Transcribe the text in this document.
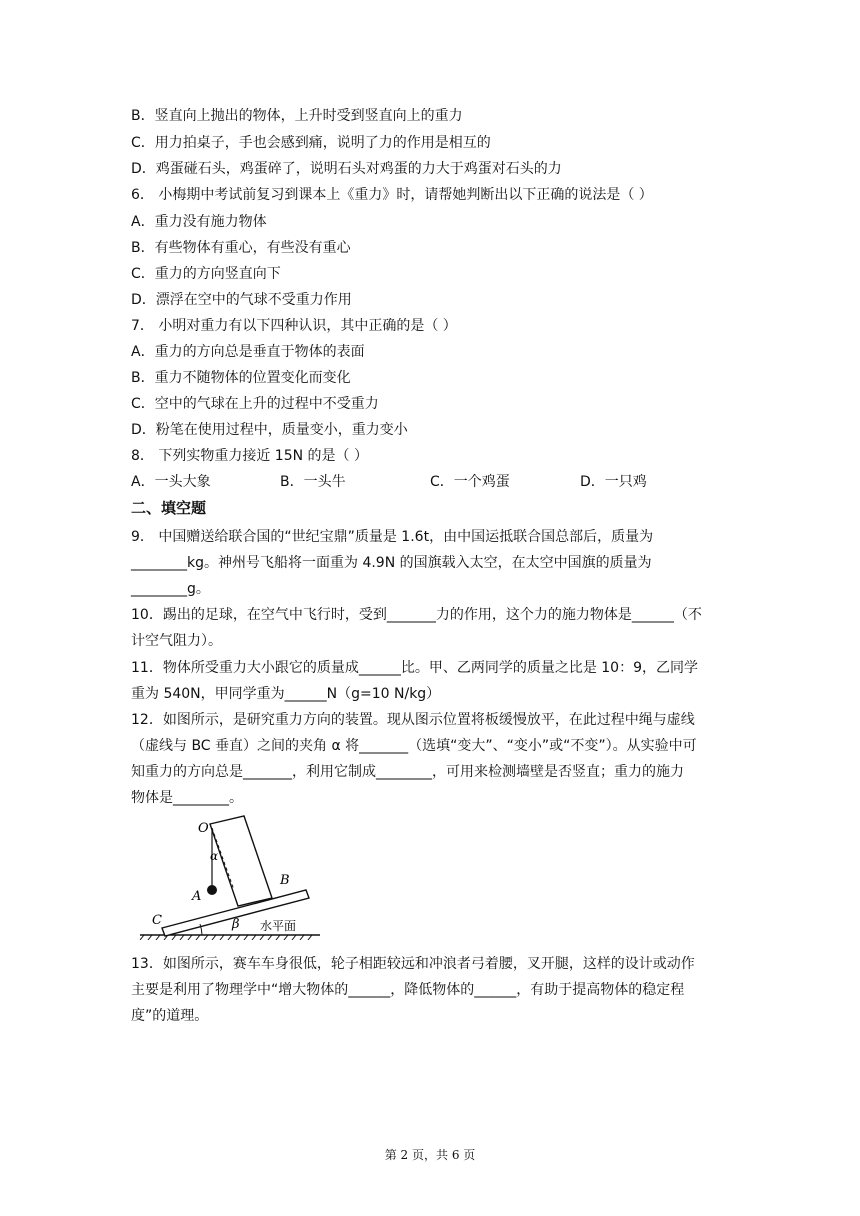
B．竖直向上抛出的物体，上升时受到竖直向上的重力
C．用力拍桌子，手也会感到痛，说明了力的作用是相互的
D．鸡蛋碰石头，鸡蛋碎了，说明石头对鸡蛋的力大于鸡蛋对石头的力
6． 小梅期中考试前复习到课本上《重力》时，请帮她判断出以下正确的说法是（ ）
A．重力没有施力物体
B．有些物体有重心，有些没有重心
C．重力的方向竖直向下
D．漂浮在空中的气球不受重力作用
7． 小明对重力有以下四种认识，其中正确的是（ ）
A．重力的方向总是垂直于物体的表面
B．重力不随物体的位置变化而变化
C．空中的气球在上升的过程中不受重力
D．粉笔在使用过程中，质量变小，重力变小
8． 下列实物重力接近 15N 的是（ ）
A．一头大象	B．一头牛	C．一个鸡蛋	D．一只鸡
二、填空题
9． 中国赠送给联合国的“世纪宝鼎”质量是 1.6t，由中国运抵联合国总部后，质量为
________kg。神州号飞船将一面重为 4.9N 的国旗载入太空，在太空中国旗的质量为
________g。
10．踢出的足球，在空气中飞行时，受到_______力的作用，这个力的施力物体是______（不
计空气阻力）。
11．物体所受重力大小跟它的质量成______比。甲、乙两同学的质量之比是 10：9，乙同学
重为 540N，甲同学重为______N（g=10 N/kg）
12．如图所示，是研究重力方向的装置。现从图示位置将板缓慢放平，在此过程中绳与虚线
（虚线与 BC 垂直）之间的夹角 α 将_______（选填“变大”、“变小”或“不变”）。从实验中可
知重力的方向总是_______，利用它制成________，可用来检测墙壁是否竖直；重力的施力
物体是________。
O
α
A
B
C	β 水平面
13．如图所示，赛车车身很低，轮子相距较远和冲浪者弓着腰，叉开腿，这样的设计或动作
主要是利用了物理学中“增大物体的______，降低物体的______，有助于提高物体的稳定程
度”的道理。
第 2 页，共 6 页
